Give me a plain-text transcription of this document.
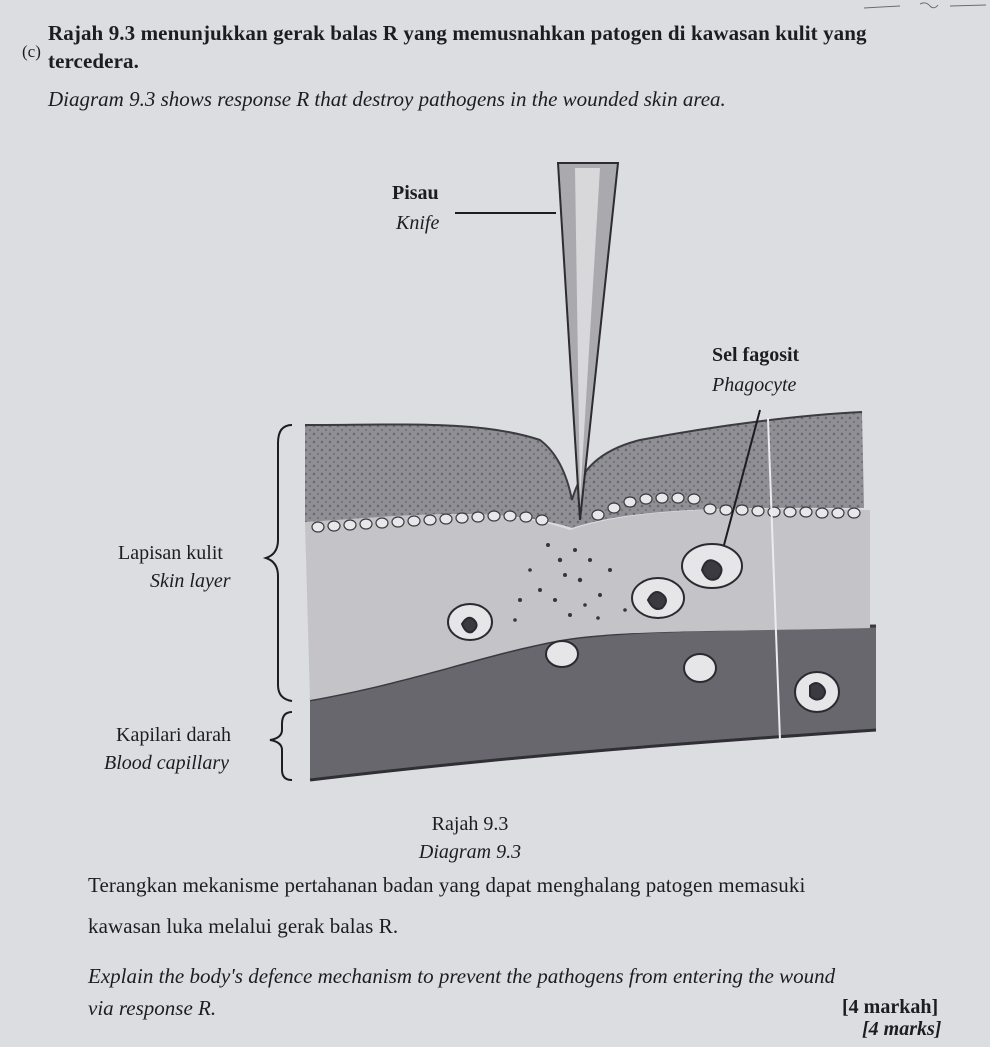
(c)
Rajah 9.3 menunjukkan gerak balas R yang memusnahkan patogen di kawasan kulit yang
tercedera.
Diagram 9.3 shows response R that destroy pathogens in the wounded skin area.
Pisau
Knife
Sel fagosit
Phagocyte
Lapisan kulit
Skin layer
Kapilari darah
Blood capillary
Rajah 9.3
Diagram 9.3
Terangkan mekanisme pertahanan badan yang dapat menghalang patogen memasuki
kawasan luka melalui gerak balas R.
Explain the body's defence mechanism to prevent the pathogens from entering the wound
via response R.	[4 markah]
[4 marks]
